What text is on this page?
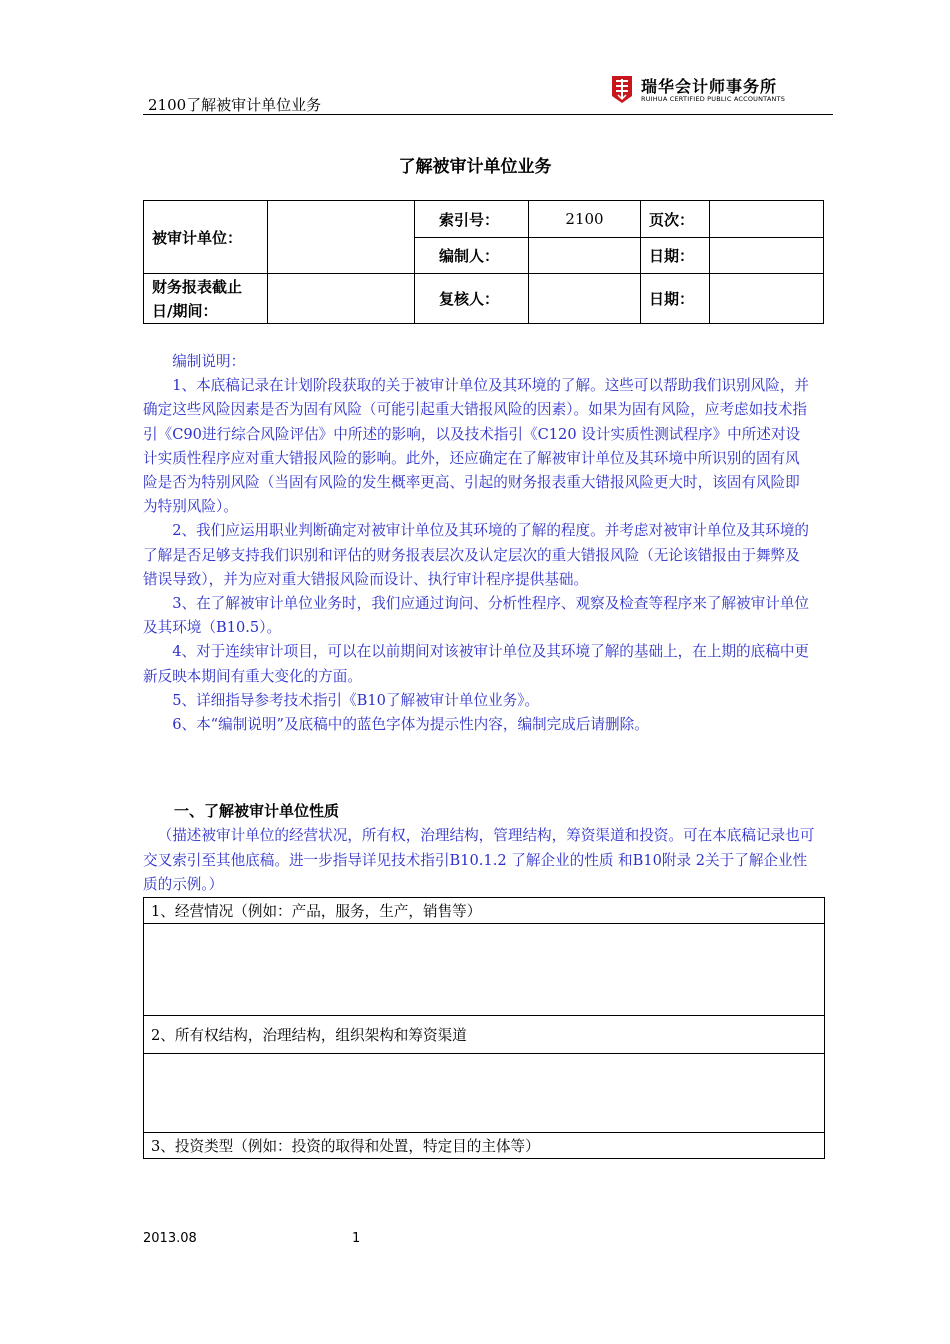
2100了解被审计单位业务
瑞华会计师事务所
RUIHUA CERTIFIED PUBLIC ACCOUNTANTS
了解被审计单位业务
被审计单位：		索引号：	2100	页次：	
		编制人：		日期：	
财务报表截止日/期间：		复核人：		日期：	

编制说明：

1、本底稿记录在计划阶段获取的关于被审计单位及其环境的了解。这些可以帮助我们识别风险，并确定这些风险因素是否为固有风险（可能引起重大错报风险的因素）。如果为固有风险，应考虑如技术指引《C90进行综合风险评估》中所述的影响，以及技术指引《C120 设计实质性测试程序》中所述对设计实质性程序应对重大错报风险的影响。此外，还应确定在了解被审计单位及其环境中所识别的固有风险是否为特别风险（当固有风险的发生概率更高、引起的财务报表重大错报风险更大时，该固有风险即为特别风险）。

2、我们应运用职业判断确定对被审计单位及其环境的了解的程度。并考虑对被审计单位及其环境的了解是否足够支持我们识别和评估的财务报表层次及认定层次的重大错报风险（无论该错报由于舞弊及错误导致），并为应对重大错报风险而设计、执行审计程序提供基础。

3、在了解被审计单位业务时，我们应通过询问、分析性程序、观察及检查等程序来了解被审计单位及其环境（B10.5）。

4、对于连续审计项目，可以在以前期间对该被审计单位及其环境了解的基础上，在上期的底稿中更新反映本期间有重大变化的方面。

5、详细指导参考技术指引《B10了解被审计单位业务》。

6、本“编制说明”及底稿中的蓝色字体为提示性内容，编制完成后请删除。

一、了解被审计单位性质
（描述被审计单位的经营状况，所有权，治理结构，管理结构，筹资渠道和投资。可在本底稿记录也可交叉索引至其他底稿。进一步指导详见技术指引B10.1.2 了解企业的性质 和B10附录 2关于了解企业性质的示例。）
1、经营情况（例如：产品，服务，生产，销售等）

2、所有权结构，治理结构，组织架构和筹资渠道

3、投资类型（例如：投资的取得和处置，特定目的主体等）
2013.08	1
